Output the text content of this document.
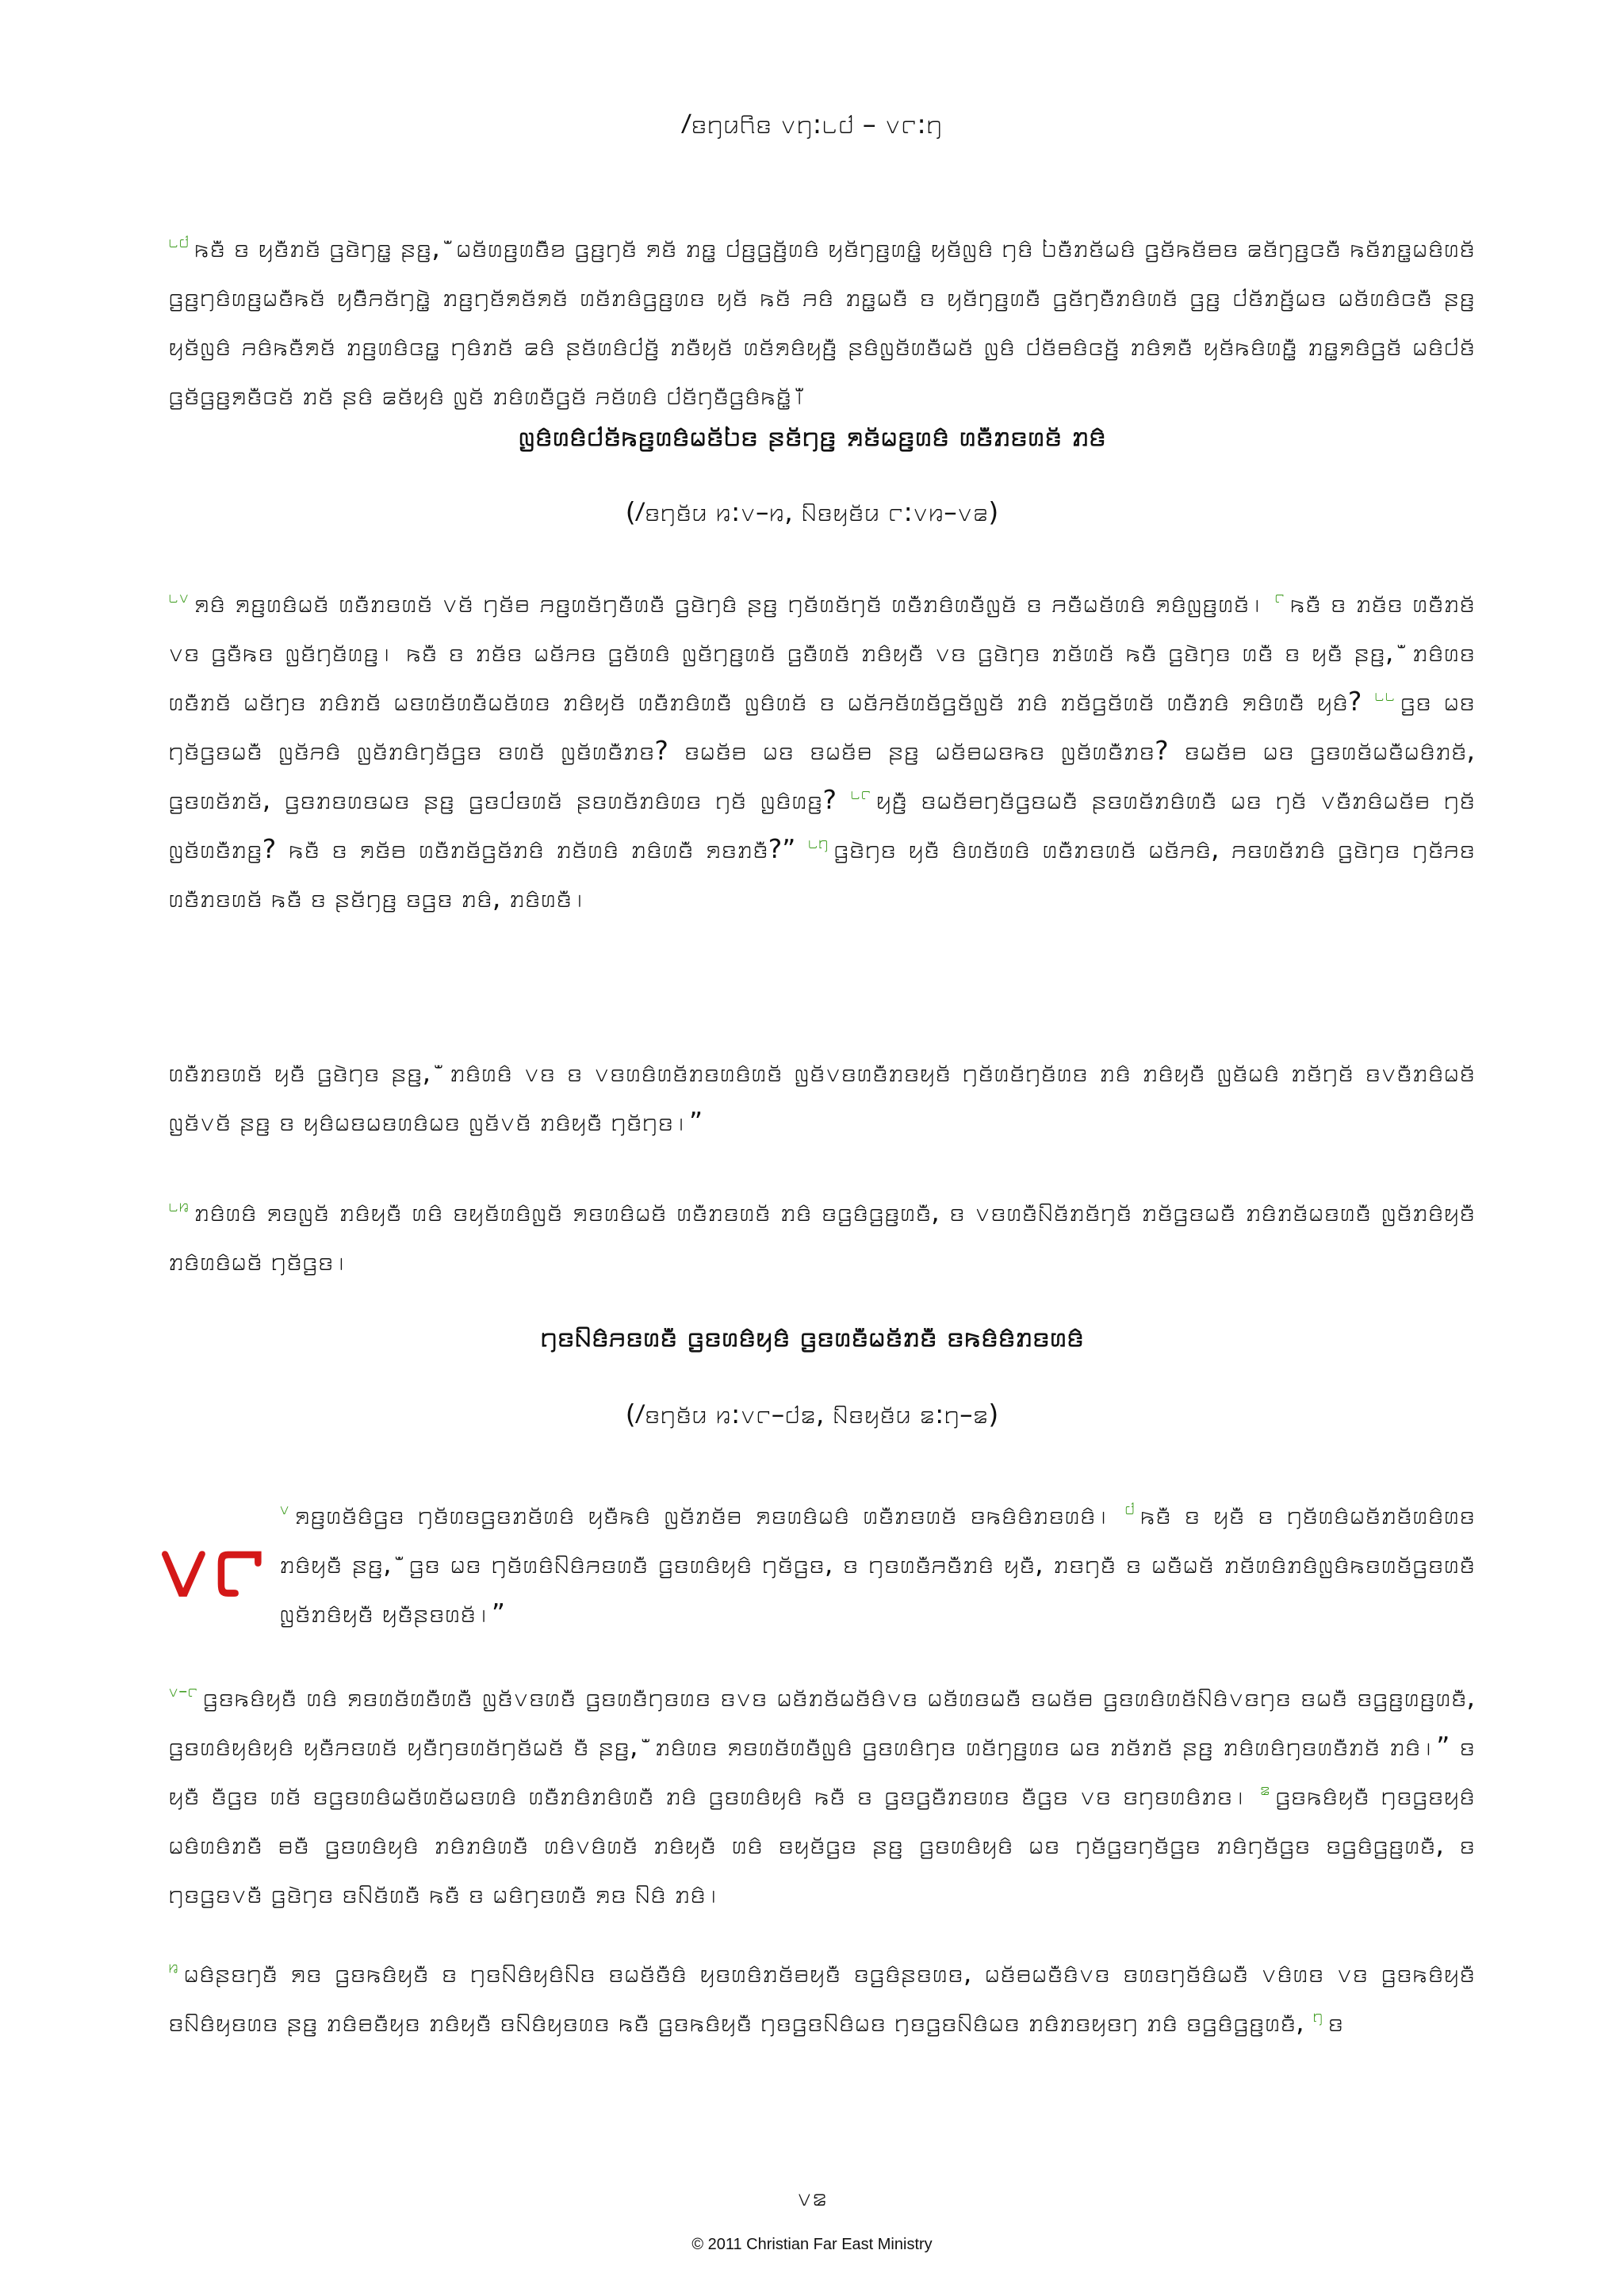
ꤷꤢꤚꤣꤖꤢ ꤂꤄:꤈꤇ – ꤂꤅:꤄
$^{꤈꤇}$ ꤒꤢꤪ ꤢ ꤟꤢꤪꤊꤢꤩ ꤞꤢꤧꤚꤢ꤭ ꤔꤢ꤬, ꤪꤗꤢꤩꤛꤢ꤬ꤛꤢꤨꤩꤤ ꤞꤢ꤬ꤚꤢꤩ ꤎꤢꤩ ꤊꤢ꤭ ꤓꤢ꤬ꤞꤢꤩ꤬ꤛꤢꤨ ꤟꤢꤩꤚꤢ꤬ꤛꤢꤨ꤭ ꤟꤢꤩꤜꤢꤨ ꤚꤢꤨ ꤝꤢꤪꤊꤢꤩꤗꤢꤨ ꤞꤢꤩꤒꤢꤩꤋꤢ ꤘꤢꤩꤚꤢ꤬ꤍꤢꤪ ꤒꤢꤩꤊꤢ꤭ꤗꤢꤨꤛꤢꤩ ꤞꤢ꤬ꤚꤢꤨꤛꤢ꤬ꤗꤢꤪꤒꤢꤩ ꤟꤢꤨꤪꤏꤢꤩꤚꤢꤧ꤭ ꤊꤢ꤬ꤚꤢꤩꤎꤢꤩꤎꤢꤩ ꤛꤢꤩꤊꤢꤨꤞꤢ꤬ꤛꤢ ꤟꤢꤩ ꤒꤢꤩ ꤏꤢꤨ ꤊꤢ꤭ꤗꤢꤪ ꤢ ꤟꤢꤩꤚꤢ꤬ꤛꤢꤪ ꤞꤢꤩꤚꤢꤪꤊꤢꤨꤛꤢꤩ ꤞꤢ꤬ ꤓꤢꤩꤊꤢꤩ꤬ꤗꤢ ꤗꤢꤩꤛꤢꤨꤍꤢꤪ ꤔꤢ꤬ ꤟꤢꤩꤜꤢꤨ ꤏꤢꤨꤒꤢꤪꤎꤢꤩ ꤊꤢ꤬ꤛꤢꤨꤍꤢ꤭ ꤚꤢꤨꤊꤢꤩ ꤘꤢꤨ ꤔꤢꤩꤛꤢꤨꤓꤢꤩ꤬ ꤊꤢꤪꤟꤢꤩ ꤛꤢꤩꤎꤢꤨꤟꤢꤪ꤬ ꤔꤢꤨꤜꤢꤩꤛꤢꤪꤗꤢꤩ ꤜꤢꤨ ꤓꤢꤩꤋꤢꤨꤍꤢꤩ꤬ ꤊꤢꤨꤎꤢꤪ ꤟꤢꤩꤒꤢꤨꤛꤢꤪ꤭ ꤊꤢ꤭ꤎꤢꤨꤞꤢꤩ ꤗꤢꤨꤓꤢꤩ ꤞꤢꤩꤞꤢ꤬ꤎꤢꤪꤍꤢꤩ ꤊꤢꤩ ꤔꤢꤨ ꤘꤢꤩꤟꤢꤨ ꤜꤢꤩ ꤊꤢꤨꤛꤢꤪꤞꤢꤩ ꤏꤢꤩꤛꤢꤨ ꤓꤢꤩꤚꤢꤪꤞꤢꤨꤒꤢꤩ꤭꤯ꤪꤪ
ꤜꤢꤨꤛꤢꤨꤓꤢꤩꤒꤢ꤬ꤛꤢꤨꤗꤢꤩꤝꤢ ꤔꤢꤩꤚꤢ꤬ ꤎꤢꤩꤗꤢ꤬ꤛꤢꤨ ꤛꤢꤪꤊꤢꤛꤢꤩ ꤊꤢꤨ
(ꤷꤢꤚꤢꤩꤣ ꤆:꤂–꤆, ꤡꤢꤟꤢꤩꤣ ꤅:꤂꤆–꤂꤁)
$^{꤈꤂}$ ꤎꤢꤨ ꤎꤢ꤬ꤛꤢꤨꤗꤢꤩ ꤛꤢꤪꤊꤢꤛꤢꤩ ꤂ꤢꤩ ꤚꤢꤩꤋ ꤏꤢ꤬ꤛꤢꤩꤚꤢꤪꤛꤢꤪ ꤞꤢꤧꤚꤢꤨ ꤔꤢ꤬ ꤚꤢꤩꤛꤢꤩꤚꤢꤩ ꤛꤢꤪꤊꤢꤨꤛꤢꤪꤜꤢꤩ ꤢ ꤏꤢꤪꤗꤢꤩꤛꤢꤨ ꤎꤢꤨꤜꤢ꤬ꤛꤢꤩ꤯ $^꤅$ ꤒꤢꤪ ꤢ ꤊꤢꤩꤢ ꤛꤢꤪꤊꤢꤩ ꤂ꤢ ꤞꤢꤪꤒꤢ ꤜꤢꤩꤚꤢꤩꤛꤢ꤬꤯ ꤒꤢꤪ ꤢ ꤊꤢꤩꤢ ꤗꤢꤩꤏꤢ ꤞꤢꤩꤛꤢꤨ ꤜꤢꤩꤚꤢ꤬ꤛꤢꤩ ꤞꤢꤪꤛꤢꤩ ꤊꤢꤨꤟꤢꤪ ꤂ꤢ ꤞꤢꤧꤚꤢ ꤊꤢꤩꤛꤢꤩ ꤒꤢꤪ ꤞꤢꤧꤚꤢ ꤛꤢꤪ ꤢ ꤟꤢꤪ ꤔꤢ꤬, ꤪꤊꤢꤨꤛꤢ ꤛꤢꤪꤊꤢꤩ ꤗꤢꤩꤚꤢ ꤊꤢꤨꤊꤢꤩ ꤗꤢꤛꤢꤩꤛꤢꤪꤗꤢꤩꤛꤢ ꤊꤢꤨꤟꤢꤩ ꤛꤢꤪꤊꤢꤨꤛꤢꤪ ꤜꤢꤨꤛꤢꤩ ꤢ ꤗꤢꤩꤏꤢꤩꤛꤢꤩꤞꤢꤩꤜꤢꤩ ꤊꤢꤨ ꤊꤢꤩꤞꤢꤩꤛꤢꤩ ꤛꤢꤪꤊꤢꤨ ꤎꤢꤨꤛꤢꤪ ꤟꤢꤨ? $^{꤈꤈}$ ꤞꤢ ꤗꤢ ꤚꤢꤩꤞꤢꤗꤢꤪ ꤜꤢꤩꤏꤢꤨ ꤜꤢꤩꤊꤢꤨꤚꤢꤩꤞꤢ ꤢꤛꤢꤩ ꤜꤢꤩꤛꤢꤪꤊꤢ? ꤢꤗꤢꤩꤋ ꤗꤢ ꤢꤗꤢꤩꤋ ꤔꤢ꤬ ꤗꤢꤩꤋꤗꤢꤒꤢ ꤜꤢꤩꤛꤢꤪꤊꤢ? ꤢꤗꤢꤩꤋ ꤗꤢ ꤞꤢꤛꤢꤩꤗꤢꤪꤗꤢꤨꤊꤢꤩ, ꤞꤢꤛꤢꤩꤊꤢꤩ, ꤞꤢꤊꤢꤛꤢꤗꤢ ꤔꤢ꤬ ꤞꤢꤓꤢꤛꤢꤩ ꤔꤢꤛꤢꤩꤊꤢꤨꤛꤢ ꤚꤢꤩ ꤜꤢꤨꤛꤢ꤬? $^{꤈꤅}$ ꤟꤢꤪ꤬ ꤢꤗꤢꤩꤋꤚꤢꤩꤞꤢꤗꤢꤪ ꤔꤢꤛꤢꤩꤊꤢꤨꤛꤢꤪ ꤗꤢ ꤚꤢꤩ ꤂ꤢꤪꤊꤢꤨꤗꤢꤩꤋ ꤚꤢꤩ ꤜꤢꤩꤛꤢꤪꤊꤢ꤬? ꤒꤢꤪ ꤢ ꤎꤢꤩꤋ ꤛꤢꤪꤊꤢꤩꤞꤢꤩꤊꤢꤨ ꤊꤢꤩꤛꤢꤨ ꤊꤢꤨꤛꤢꤪ ꤎꤢꤊꤢꤪ?” $^{꤈꤄}$ ꤞꤢꤧꤚꤢ ꤟꤢꤪ ꤢꤨꤛꤢꤩꤛꤢꤨ ꤛꤢꤪꤊꤢꤛꤢꤩ ꤗꤢꤩꤏꤢꤨ, ꤏꤢꤛꤢꤩꤊꤢꤨ ꤞꤢꤧꤚꤢ ꤚꤢꤩꤏꤢ ꤛꤢꤪꤊꤢꤛꤢꤩ ꤒꤢꤪ ꤢ ꤔꤢꤩꤚꤢ꤬ ꤢꤞꤢ ꤊꤢꤨ, ꤊꤢꤨꤛꤢꤪ꤯
ꤛꤢꤪꤊꤢꤛꤢꤩ ꤟꤢꤪ ꤞꤢꤧꤚꤢ ꤔꤢ꤬, ꤪꤊꤢꤨꤛꤢꤨ ꤂ꤢ ꤢ ꤂ꤢꤛꤢꤨꤛꤢꤩꤊꤢꤛꤢꤨꤛꤢꤩ ꤜꤢꤩ꤂ꤢꤛꤢꤪꤊꤢꤟꤢꤩ ꤚꤢꤩꤛꤢꤩꤚꤢꤩꤛꤢ ꤊꤢꤨ ꤊꤢꤨꤟꤢꤪ ꤜꤢꤩꤗꤢꤨ ꤊꤢꤩꤚꤢꤩ ꤢ꤂ꤢꤪꤊꤢꤨꤗꤢꤩ ꤜꤢꤩ꤂ꤢꤩ ꤔꤢ꤬ ꤢ ꤟꤢꤨꤗꤢꤗꤢꤛꤢꤨꤗꤢ ꤜꤢꤩ꤂ꤢꤩ ꤊꤢꤨꤟꤢꤪ ꤚꤢꤩꤚꤢ꤯”
$^{꤈꤆}$ ꤊꤢꤨꤛꤢꤨ ꤎꤢꤜꤢꤩ ꤊꤢꤨꤟꤢꤪ ꤛꤢꤨ ꤢꤟꤢꤩꤛꤢꤨꤜꤢꤩ ꤎꤢꤛꤢꤨꤗꤢꤩ ꤛꤢꤪꤊꤢꤛꤢꤩ ꤊꤢꤨ ꤢꤞꤢꤨꤞꤢ꤬ꤛꤢꤪ, ꤢ ꤂ꤢꤛꤢꤪꤡꤢꤩꤊꤢꤩꤚꤢꤩ ꤊꤢꤩꤞꤢꤗꤢꤪ ꤊꤢꤨꤊꤢꤩꤗꤢꤛꤢꤪ ꤜꤢꤩꤊꤢꤨꤟꤢꤪ ꤊꤢꤨꤛꤢꤨꤗꤢꤩ ꤚꤢꤩꤞꤢ꤯
ꤚꤢꤡꤢꤨꤏꤢꤛꤢꤪ ꤞꤢꤛꤢꤨꤟꤢꤨ ꤞꤢꤛꤢꤪꤗꤢꤩꤊꤢꤪ ꤢꤒꤢꤨꤢꤨꤊꤢꤛꤢꤨ
(ꤷꤢꤚꤢꤩꤣ ꤆:꤂꤅–꤇꤃, ꤡꤢꤟꤢꤩꤣ ꤃:꤄–꤃)
꤂꤅ $^꤂$ ꤎꤢ꤬ꤛꤢꤩꤢꤨꤞꤢ ꤚꤢꤩꤛꤢꤞꤢꤊꤢꤩꤛꤢꤨ ꤟꤢꤪꤒꤢꤨ ꤜꤢꤩꤊꤢꤩꤋ ꤎꤢꤛꤢꤨꤗꤢꤨ ꤛꤢꤪꤊꤢꤛꤢꤩ ꤢꤒꤢꤨꤢꤨꤊꤢꤛꤢꤨ꤯ $^꤇$ ꤒꤢꤪ ꤢ ꤟꤢꤪ ꤢ ꤚꤢꤩꤛꤢꤨꤗꤢꤩꤊꤢꤩꤛꤢꤨꤛꤢ ꤊꤢꤨꤟꤢꤪ ꤔꤢ꤬, ꤪꤞꤢ ꤗꤢ ꤚꤢꤩꤛꤢꤨꤡꤢꤨꤏꤢꤛꤢꤪ ꤞꤢꤛꤢꤨꤟꤢꤨ ꤚꤢꤩꤞꤢ, ꤢ ꤚꤢꤛꤢꤪꤏꤢꤪꤊꤢꤨ ꤟꤢꤪ, ꤊꤢꤚꤢꤪ ꤢ ꤗꤢꤪꤗꤢꤩ ꤊꤢꤩꤛꤢꤨꤊꤢꤨꤜꤢꤨꤒꤢꤛꤢꤩꤞꤢꤛꤢꤪ ꤜꤢꤩꤊꤢꤨꤟꤢꤪ ꤟꤢꤪꤔꤢꤛꤢꤩ꤯”
$^{꤂-꤅}$ ꤞꤢꤒꤢꤨꤟꤢꤪ ꤛꤢꤨ ꤎꤢꤛꤢꤩꤛꤢꤪꤛꤢꤪ ꤜꤢꤩ꤂ꤢꤛꤢꤪ ꤞꤢꤛꤢꤪꤚꤢꤛꤢ ꤢ꤂ꤢ ꤗꤢꤩꤊꤢꤩꤗꤢꤩꤢꤨ꤂ꤢ ꤗꤢꤩꤛꤢꤗꤢꤪ ꤢꤗꤢꤩꤋ ꤞꤢꤛꤢꤨꤛꤢꤩꤡꤢꤨ꤂ꤢꤚꤢ ꤢꤗꤢꤪ ꤢꤞꤢ꤬ꤛꤢ꤬ꤛꤢꤪ, ꤞꤢꤛꤢꤨꤟꤢꤨꤟꤢꤨ ꤟꤢꤪꤏꤢꤛꤢꤩ ꤟꤢꤪꤚꤢꤛꤢꤩꤚꤢꤩꤗꤢꤩ ꤢꤪ ꤔꤢ꤬, ꤪꤊꤢꤨꤛꤢ ꤎꤢꤛꤢꤩꤛꤢꤪꤜꤢꤨ ꤞꤢꤛꤢꤨꤚꤢ ꤛꤢꤩꤚꤢ꤬ꤛꤢ ꤗꤢ ꤊꤢꤩꤊꤢꤩ ꤔꤢ꤬ ꤊꤢꤨꤛꤢꤨꤚꤢꤛꤢꤪꤊꤢꤩ ꤊꤢꤨ꤯” ꤢ ꤟꤢꤪ ꤢꤪꤞꤢ ꤛꤢꤩ ꤢꤞꤢꤛꤢꤨꤗꤢꤩꤛꤢꤩꤗꤢꤛꤢꤨ ꤛꤢꤪꤊꤢꤨꤊꤢꤨꤛꤢꤪ ꤊꤢꤨ ꤞꤢꤛꤢꤨꤟꤢꤨ ꤒꤢꤪ ꤢ ꤞꤢꤞꤢꤪꤊꤢꤛꤢ ꤢꤪꤞꤢ ꤂ꤢ ꤢꤚꤢꤛꤢꤨꤊꤢ꤯ $^꤃$ ꤞꤢꤒꤢꤨꤟꤢꤪ ꤚꤢꤞꤢꤟꤢꤨ ꤗꤢꤨꤛꤢꤨꤊꤢꤪ ꤋꤢꤪ ꤞꤢꤛꤢꤨꤟꤢꤨ ꤊꤢꤨꤊꤢꤨꤛꤢꤪ ꤛꤢꤨ꤂ꤢꤨꤛꤢꤩ ꤊꤢꤨꤟꤢꤪ ꤛꤢꤨ ꤢꤟꤢꤩꤞꤢ ꤔꤢ꤬ ꤞꤢꤛꤢꤨꤟꤢꤨ ꤗꤢ ꤚꤢꤩꤞꤢꤚꤢꤩꤞꤢ ꤊꤢꤨꤚꤢꤩꤞꤢ ꤢꤞꤢꤨꤞꤢ꤬ꤛꤢꤪ, ꤢ ꤚꤢꤞꤢ꤂ꤢꤪ ꤞꤢꤧꤚꤢ ꤢꤡꤢꤩꤛꤢꤪ ꤒꤢꤪ ꤢ ꤗꤢꤨꤚꤢꤛꤢꤪ ꤎꤢ ꤡꤢꤨ ꤊꤢꤨ꤯
$^꤆$ ꤗꤢꤨꤔꤢꤚꤢꤪ ꤎꤢ ꤞꤢꤒꤢꤨꤟꤢꤪ ꤢ ꤚꤢꤡꤢꤨꤟꤢꤨꤡꤢ ꤢꤗꤢꤩꤢꤪꤢꤨ ꤟꤢꤛꤢꤨꤊꤢꤩꤋꤟꤢꤪ ꤢꤞꤢꤨꤔꤢꤛꤢ, ꤗꤢꤩꤋꤗꤢꤪꤢꤨ꤂ꤢ ꤢꤛꤢꤚꤢꤩꤢꤨꤗꤢꤪ ꤂ꤢꤨꤛꤢ ꤂ꤢ ꤞꤢꤒꤢꤨꤟꤢꤪ ꤢꤡꤢꤨꤟꤢꤛꤢ ꤔꤢ꤬ ꤊꤢꤨꤋꤢꤪꤟꤢ ꤊꤢꤨꤟꤢꤪ ꤢꤡꤢꤨꤟꤢꤛꤢ ꤒꤢꤪ ꤞꤢꤒꤢꤨꤟꤢꤪ ꤚꤢꤞꤢꤡꤢꤨꤗꤢ ꤚꤢꤞꤢꤡꤢꤨꤗꤢ ꤊꤢꤨꤊꤢꤟꤢꤚ ꤊꤢꤨ ꤢꤞꤢꤨꤞꤢ꤬ꤛꤢꤪ, $^꤄$ ꤢ
꤂꤃
© 2011 Christian Far East Ministry
